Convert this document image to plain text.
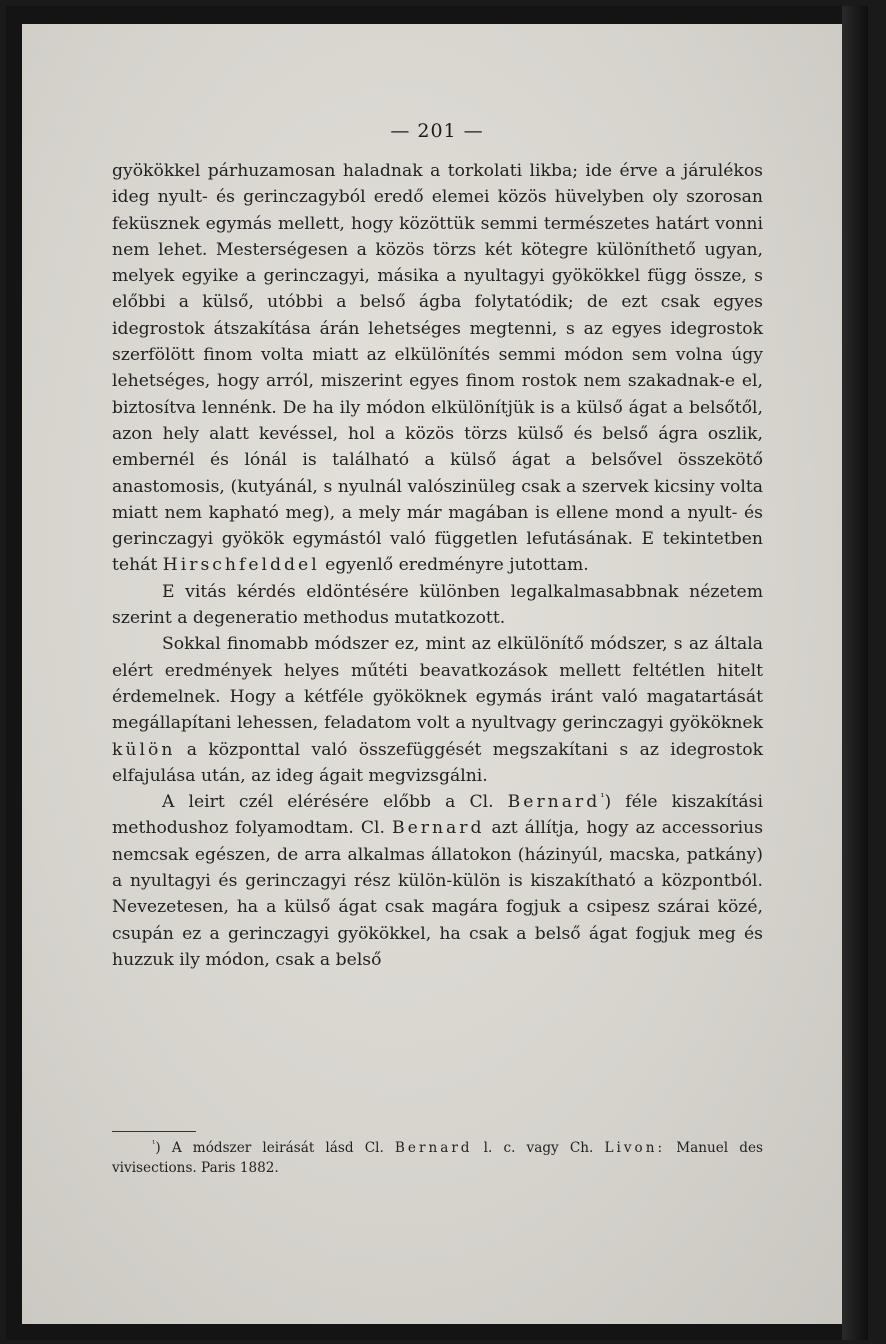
— 201 —

gyökökkel párhuzamosan haladnak a torkolati likba; ide érve a járulékos ideg nyult- és gerinczagyból eredő elemei közös hüvelyben oly szorosan feküsznek egymás mellett, hogy közöttük semmi természetes határt vonni nem lehet. Mesterségesen a közös törzs két kötegre különíthető ugyan, melyek egyike a gerinczagyi, másika a nyultagyi gyökökkel függ össze, s előbbi a külső, utóbbi a belső ágba folytatódik; de ezt csak egyes idegrostok átszakítása árán lehetséges megtenni, s az egyes idegrostok szerfölött finom volta miatt az elkülönítés semmi módon sem volna úgy lehetséges, hogy arról, miszerint egyes finom rostok nem szakadnak-e el, biztosítva lennénk. De ha ily módon elkülönítjük is a külső ágat a belsőtől, azon hely alatt kevéssel, hol a közös törzs külső és belső ágra oszlik, embernél és lónál is található a külső ágat a belsővel összekötő anastomosis, (kutyánál, s nyulnál valószinüleg csak a szervek kicsiny volta miatt nem kapható meg), a mely már magában is ellene mond a nyult- és gerinczagyi gyökök egymástól való független lefutásának. E tekintetben tehát Hirschfelddel egyenlő eredményre jutottam.

E vitás kérdés eldöntésére különben legalkalmasabbnak nézetem szerint a degeneratio methodus mutatkozott.

Sokkal finomabb módszer ez, mint az elkülönítő módszer, s az általa elért eredmények helyes műtéti beavatkozások mellett feltétlen hitelt érdemelnek. Hogy a kétféle gyököknek egymás iránt való magatartását megállapítani lehessen, feladatom volt a nyultvagy gerinczagyi gyököknek külön a központtal való összefüggését megszakítani s az idegrostok elfajulása után, az ideg ágait megvizsgálni.

A leirt czél elérésére előbb a Cl. Bernard$^{^1}$) féle kiszakítási methodushoz folyamodtam. Cl. Bernard azt állítja, hogy az accessorius nemcsak egészen, de arra alkalmas állatokon (házinyúl, macska, patkány) a nyultagyi és gerinczagyi rész külön-külön is kiszakítható a központból. Nevezetesen, ha a külső ágat csak magára fogjuk a csipesz szárai közé, csupán ez a gerinczagyi gyökökkel, ha csak a belső ágat fogjuk meg és huzzuk ily módon, csak a belső

$^{^1}$) A módszer leirását lásd Cl. Bernard l. c. vagy Ch. Livon: Manuel des vivisections. Paris 1882.
